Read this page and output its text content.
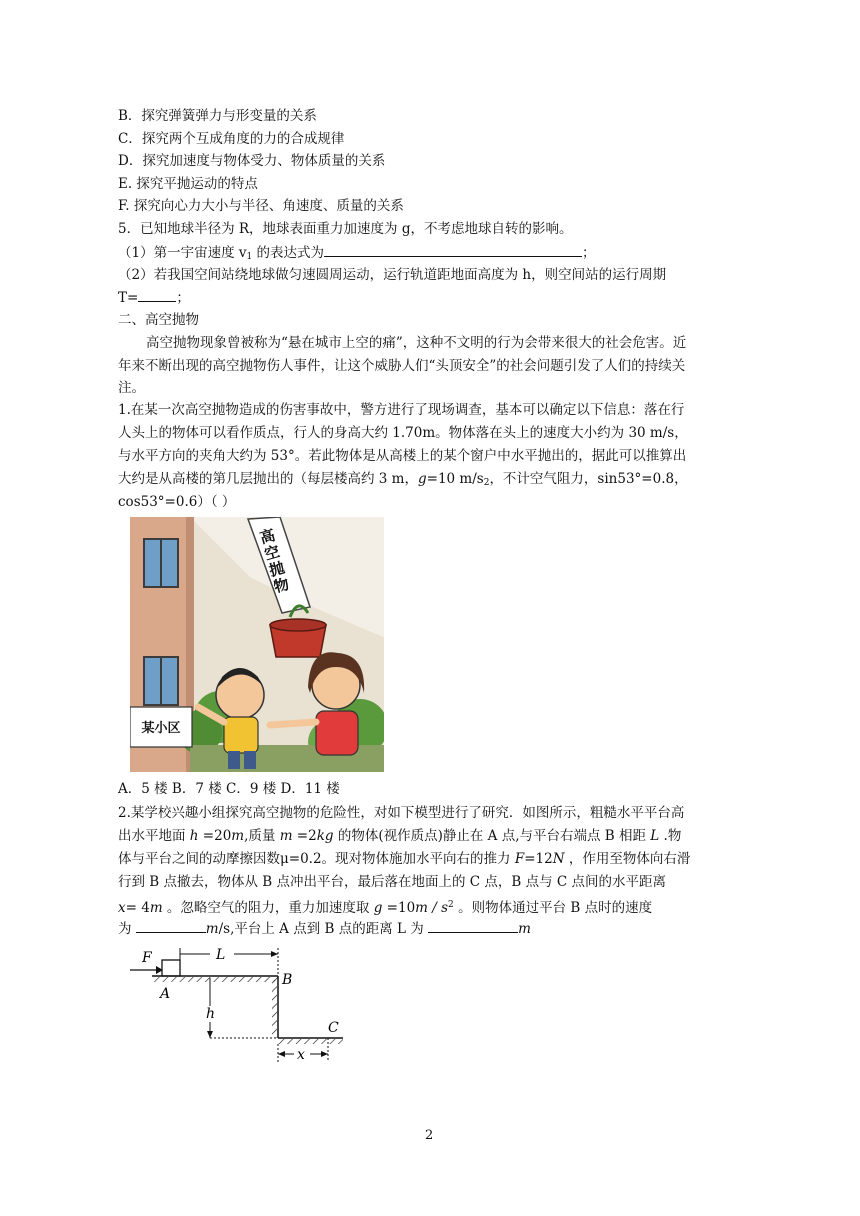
B．探究弹簧弹力与形变量的关系
C．探究两个互成角度的力的合成规律
D．探究加速度与物体受力、物体质量的关系
E. 探究平抛运动的特点
F. 探究向心力大小与半径、角速度、质量的关系
5．已知地球半径为 R，地球表面重力加速度为 g，不考虑地球自转的影响。
（1）第一宇宙速度 $v_1$ 的表达式为	；
（2）若我国空间站绕地球做匀速圆周运动，运行轨道距地面高度为 h，则空间站的运行周期
T=	；
二、高空抛物
高空抛物现象曾被称为“悬在城市上空的痛”，这种不文明的行为会带来很大的社会危害。近
年来不断出现的高空抛物伤人事件，让这个威胁人们“头顶安全”的社会问题引发了人们的持续关
注。
1.在某一次高空抛物造成的伤害事故中，警方进行了现场调查，基本可以确定以下信息：落在行
人头上的物体可以看作质点，行人的身高大约 1.70m。物体落在头上的速度大小约为 30 m/s，
与水平方向的夹角大约为 53°。若此物体是从高楼上的某个窗户中水平抛出的，据此可以推算出
大约是从高楼的第几层抛出的（每层楼高约 3 m，g=10 $m/s_2$，不计空气阻力，sin53°=0.8，
cos53°=0.6）（ ）
某小区
高空抛物
A．5 楼 B．7 楼 C．9 楼 D．11 楼
2.某学校兴趣小组探究高空抛物的危险性，对如下模型进行了研究．如图所示，粗糙水平平台高
出水平地面 h =20m,质量 m =2kg 的物体(视作质点)静止在 A 点,与平台右端点 B 相距 L .物
体与平台之间的动摩擦因数μ=0.2。现对物体施加水平向右的推力 F=12N ，作用至物体向右滑
行到 B 点撤去，物体从 B 点冲出平台，最后落在地面上的 C 点，B 点与 C 点间的水平距离
x= 4m 。忽略空气的阻力，重力加速度取 $g =10m / s^2$ 。则物体通过平台 B 点时的速度
为	m/s,平台上 A 点到 B 点的距离 L 为	m
F	L
A
B
h
C
x
2
